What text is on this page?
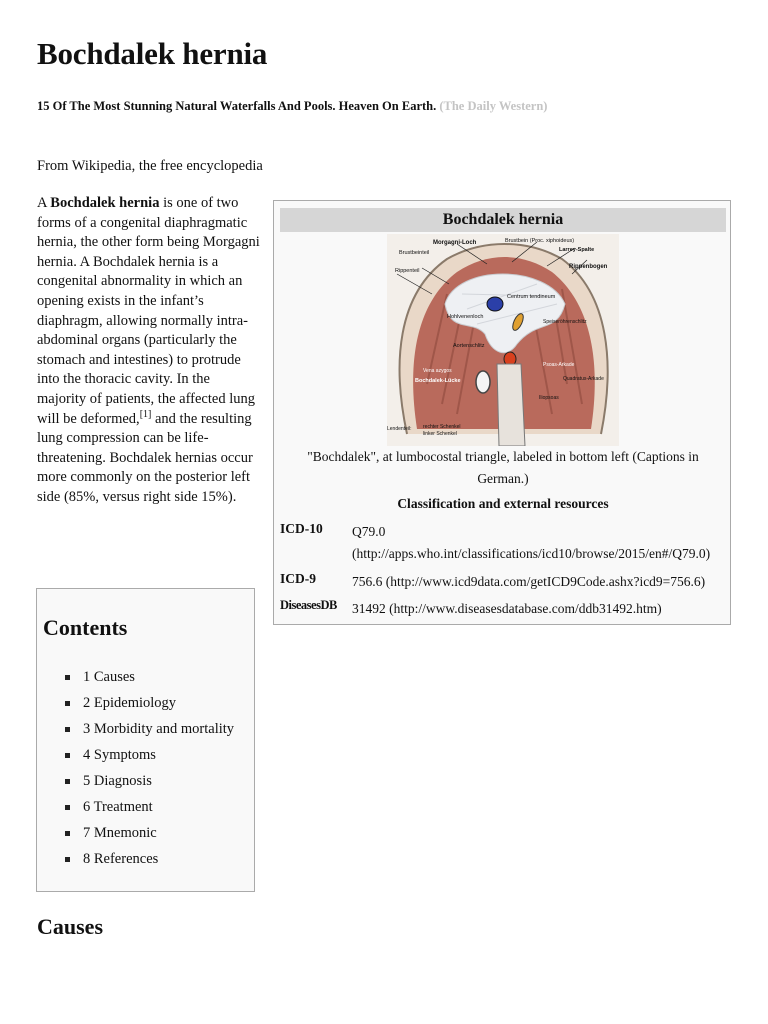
Bochdalek hernia
15 Of The Most Stunning Natural Waterfalls And Pools. Heaven On Earth. (The Daily Western)
From Wikipedia, the free encyclopedia

A Bochdalek hernia is one of two forms of a congenital diaphragmatic hernia, the other form being Morgagni hernia. A Bochdalek hernia is a congenital abnormality in which an opening exists in the infant’s diaphragm, allowing normally intra-abdominal organs (particularly the stomach and intestines) to protrude into the thoracic cavity. In the majority of patients, the affected lung will be deformed,[1] and the resulting lung compression can be life-threatening. Bochdalek hernias occur more commonly on the posterior left side (85%, versus right side 15%).

Bochdalek hernia
Morgagni-Loch	Brustbein (Proc. xiphoideus)
Larrey-Spalte
Brustbeinteil
Rippenbogen
Rippenteil
Centrum tendineum
Hohlvenenloch
Speiseröhrenschlitz
Aortenschlitz
Vena azygos
Bochdalek-Lücke	Quadratus-Arkade
Psoas-Arkade
Iliopsoas
Lendenteil: rechter Schenkel
linker Schenkel
"Bochdalek", at lumbocostal triangle, labeled in bottom left (Captions in German.)
Classification and external resources
ICD-10	Q79.0 (http://apps.who.int/classifications/icd10/browse/2015/en#/Q79.0)
ICD-9	756.6 (http://www.icd9data.com/getICD9Code.ashx?icd9=756.6)
DiseasesDB	31492 (http://www.diseasesdatabase.com/ddb31492.htm)
Contents
1 Causes
2 Epidemiology
3 Morbidity and mortality
4 Symptoms
5 Diagnosis
6 Treatment
7 Mnemonic
8 References
Causes
